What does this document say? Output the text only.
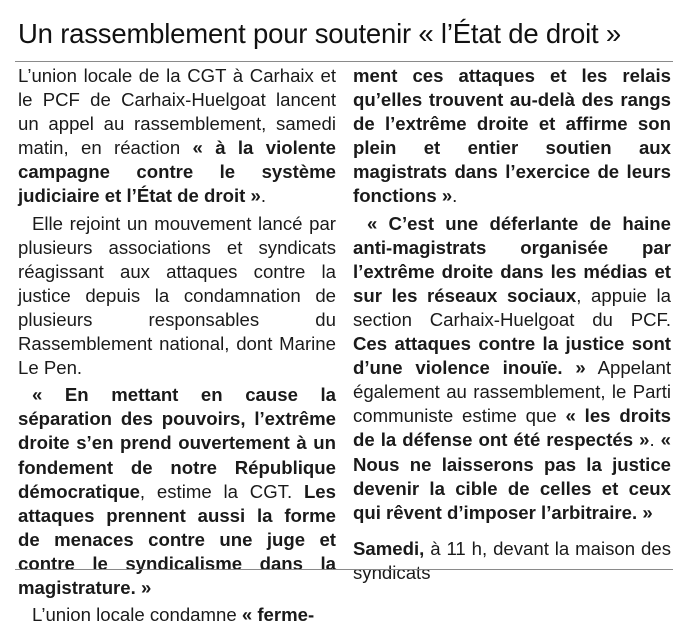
Un rassemblement pour soutenir « l’État de droit »

L’union locale de la CGT à Carhaix et le PCF de Carhaix-Huelgoat lancent un appel au rassemblement, samedi matin, en réaction « à la violente campagne contre le système judiciaire et l’État de droit ».

Elle rejoint un mouvement lancé par plusieurs associations et syndicats réagissant aux attaques contre la justice depuis la condamnation de plusieurs responsables du Rassemblement national, dont Marine Le Pen.

« En mettant en cause la séparation des pouvoirs, l’extrême droite s’en prend ouvertement à un fondement de notre République démocratique, estime la CGT. Les attaques prennent aussi la forme de menaces contre une juge et contre le syndicalisme dans la magistrature. »

L’union locale condamne « ferme-

ment ces attaques et les relais qu’elles trouvent au-delà des rangs de l’extrême droite et affirme son plein et entier soutien aux magistrats dans l’exercice de leurs fonctions ».

« C’est une déferlante de haine anti-magistrats organisée par l’extrême droite dans les médias et sur les réseaux sociaux, appuie la section Carhaix-Huelgoat du PCF. Ces attaques contre la justice sont d’une violence inouïe. » Appelant également au rassemblement, le Parti communiste estime que « les droits de la défense ont été respectés ». « Nous ne laisserons pas la justice devenir la cible de celles et ceux qui rêvent d’imposer l’arbitraire. »

Samedi, à 11 h, devant la maison des syndicats
